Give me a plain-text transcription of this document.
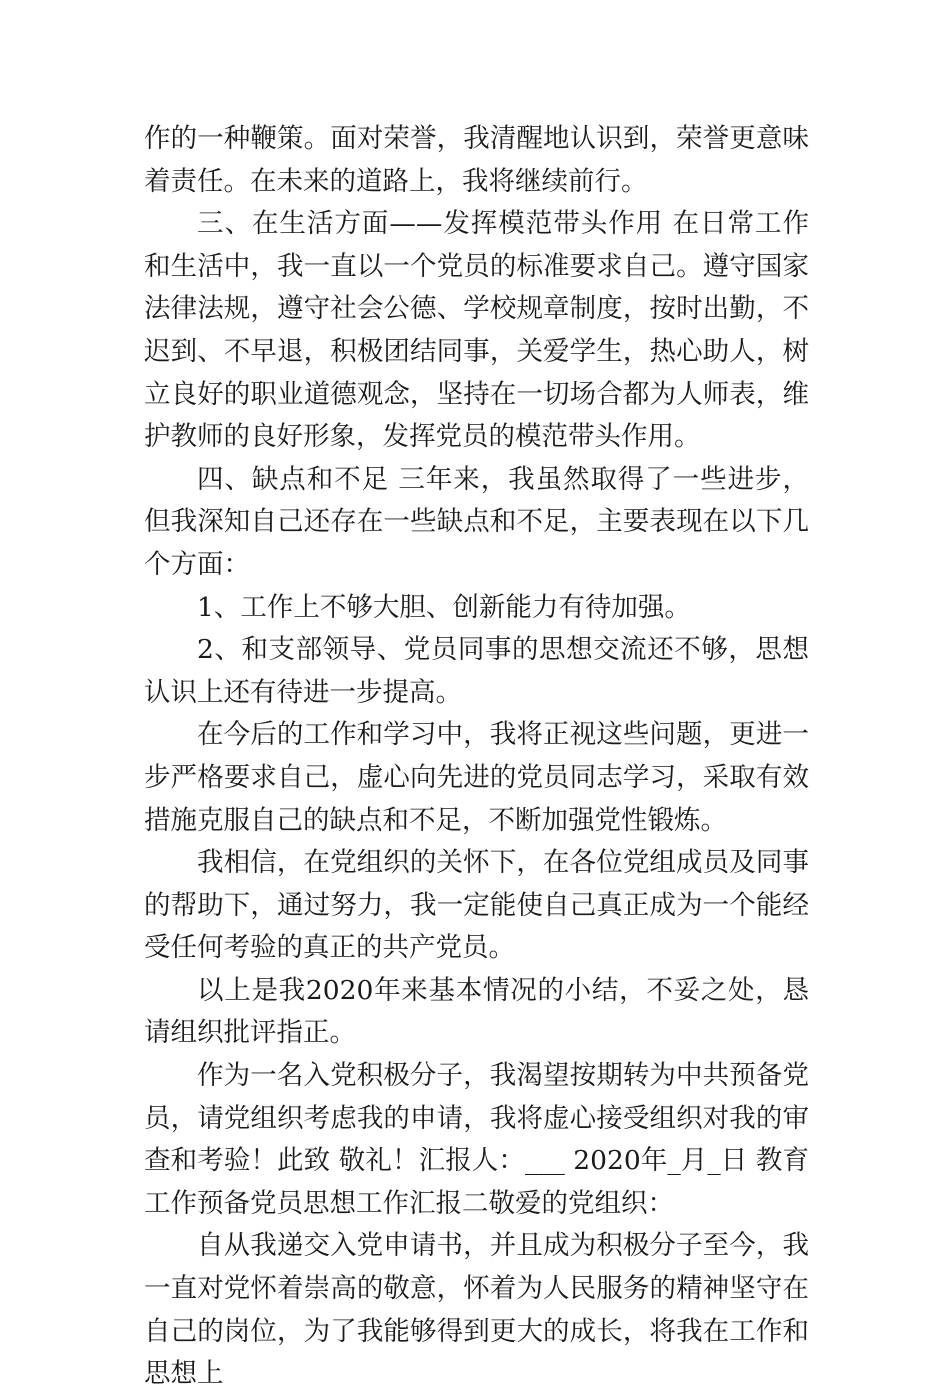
作的一种鞭策。面对荣誉，我清醒地认识到，荣誉更意味着责任。在未来的道路上，我将继续前行。

三、在生活方面——发挥模范带头作用 在日常工作和生活中，我一直以一个党员的标准要求自己。遵守国家法律法规，遵守社会公德、学校规章制度，按时出勤，不迟到、不早退，积极团结同事，关爱学生，热心助人，树立良好的职业道德观念，坚持在一切场合都为人师表，维护教师的良好形象，发挥党员的模范带头作用。

四、缺点和不足 三年来，我虽然取得了一些进步，但我深知自己还存在一些缺点和不足，主要表现在以下几个方面：

1、工作上不够大胆、创新能力有待加强。

2、和支部领导、党员同事的思想交流还不够，思想认识上还有待进一步提高。

在今后的工作和学习中，我将正视这些问题，更进一步严格要求自己，虚心向先进的党员同志学习，采取有效措施克服自己的缺点和不足，不断加强党性锻炼。

我相信，在党组织的关怀下，在各位党组成员及同事的帮助下，通过努力，我一定能使自己真正成为一个能经受任何考验的真正的共产党员。

以上是我2020年来基本情况的小结，不妥之处，恳请组织批评指正。

作为一名入党积极分子，我渴望按期转为中共预备党员，请党组织考虑我的申请，我将虚心接受组织对我的审查和考验！此致 敬礼！汇报人：___ 2020年_月_日 教育工作预备党员思想工作汇报二敬爱的党组织：

自从我递交入党申请书，并且成为积极分子至今，我一直对党怀着崇高的敬意，怀着为人民服务的精神坚守在自己的岗位，为了我能够得到更大的成长，将我在工作和思想上
